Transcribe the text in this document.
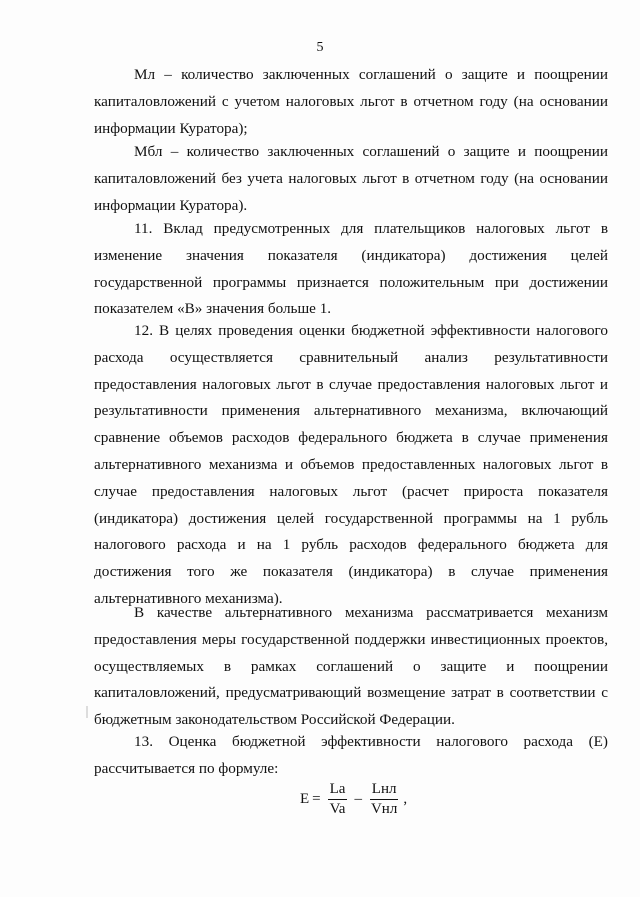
5

Мл – количество заключенных соглашений о защите и поощрении капиталовложений с учетом налоговых льгот в отчетном году (на основании информации Куратора);

Мбл – количество заключенных соглашений о защите и поощрении капиталовложений без учета налоговых льгот в отчетном году (на основании информации Куратора).

11. Вклад предусмотренных для плательщиков налоговых льгот в изменение значения показателя (индикатора) достижения целей государственной программы признается положительным при достижении показателем «В» значения больше 1.

12. В целях проведения оценки бюджетной эффективности налогового расхода осуществляется сравнительный анализ результативности предоставления налоговых льгот в случае предоставления налоговых льгот и результативности применения альтернативного механизма, включающий сравнение объемов расходов федерального бюджета в случае применения альтернативного механизма и объемов предоставленных налоговых льгот в случае предоставления налоговых льгот (расчет прироста показателя (индикатора) достижения целей государственной программы на 1 рубль налогового расхода и на 1 рубль расходов федерального бюджета для достижения того же показателя (индикатора) в случае применения альтернативного механизма).

В качестве альтернативного механизма рассматривается механизм предоставления меры государственной поддержки инвестиционных проектов, осуществляемых в рамках соглашений о защите и поощрении капиталовложений, предусматривающий возмещение затрат в соответствии с бюджетным законодательством Российской Федерации.

13. Оценка бюджетной эффективности налогового расхода (Е) рассчитывается по формуле:

$E = \frac{La}{Va} - \frac{\text{Lнл}}{\text{Vнл}}$ ,
